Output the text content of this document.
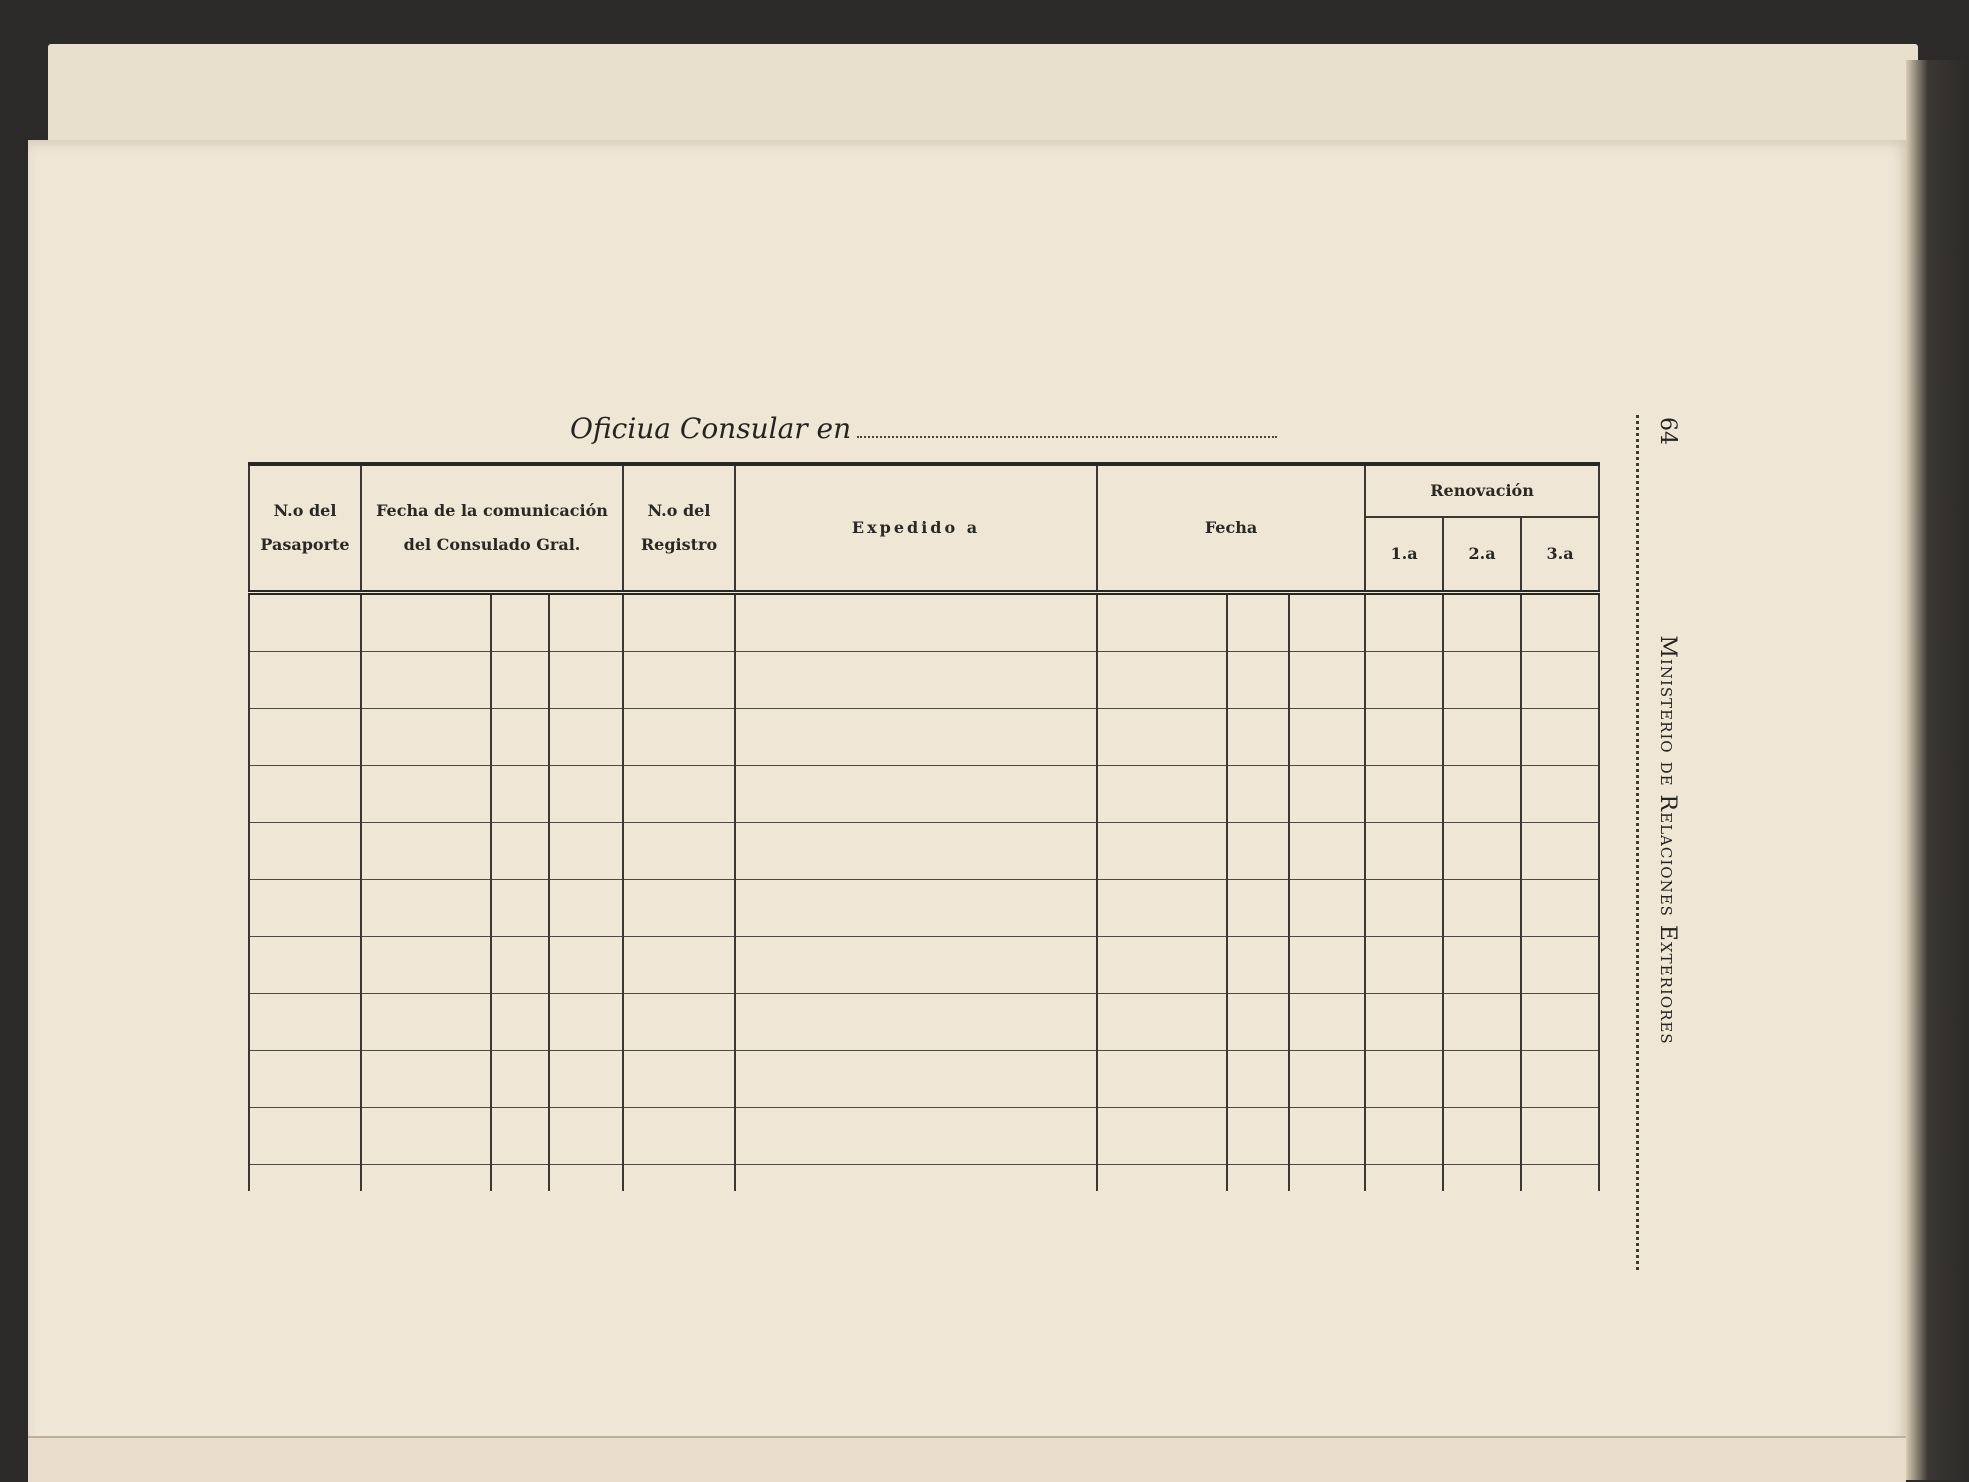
Oficiua Consular en
N.o del Pasaporte	Fecha de la comunicación del Consulado Gral.			N.o del Registro	Expedido a	Fecha			Renovación		
									1.a	2.a	3.a

64
Ministerio de Relaciones Exteriores
